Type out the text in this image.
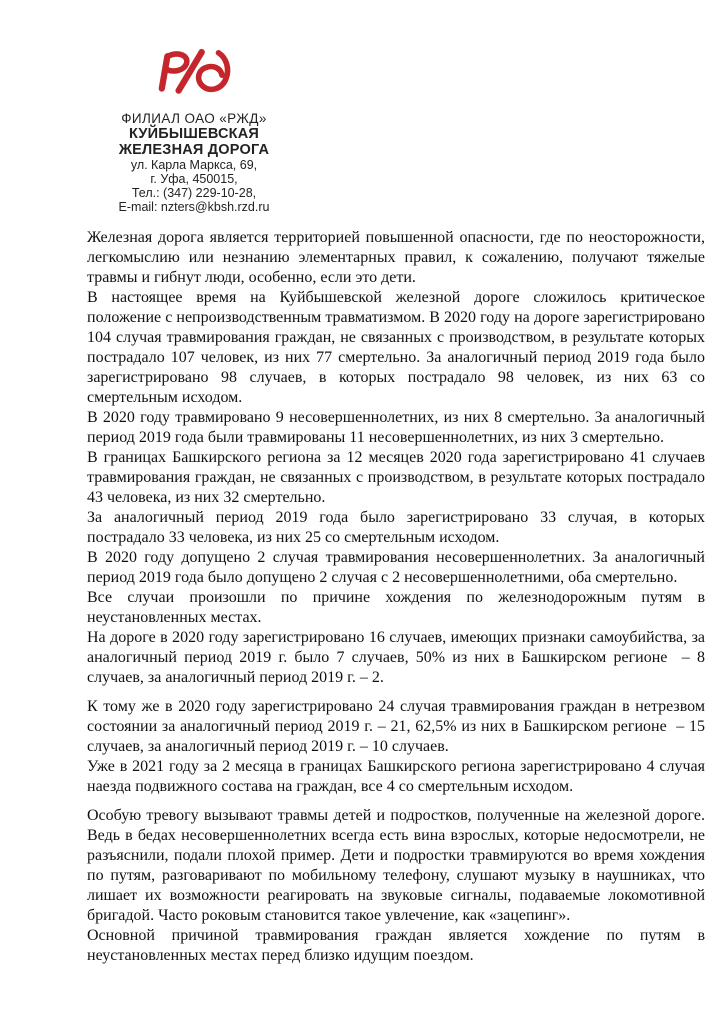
ФИЛИАЛ ОАО «РЖД»
КУЙБЫШЕВСКАЯ
ЖЕЛЕЗНАЯ ДОРОГА
ул. Карла Маркса, 69,
г. Уфа, 450015,
Тел.: (347) 229-10-28,
E-mail: nzters@kbsh.rzd.ru

Железная дорога является территорией повышенной опасности, где по неосторожности, легкомыслию или незнанию элементарных правил, к сожалению, получают тяжелые травмы и гибнут люди, особенно, если это дети.

В настоящее время на Куйбышевской железной дороге сложилось критическое положение с непроизводственным травматизмом. В 2020 году на дороге зарегистрировано 104 случая травмирования граждан, не связанных с производством, в результате которых пострадало 107 человек, из них 77 смертельно. За аналогичный период 2019 года было зарегистрировано 98 случаев, в которых пострадало 98 человек, из них 63 со смертельным исходом.

В 2020 году травмировано 9 несовершеннолетних, из них 8 смертельно. За аналогичный период 2019 года были травмированы 11 несовершеннолетних, из них 3 смертельно.

В границах Башкирского региона за 12 месяцев 2020 года зарегистрировано 41 случаев травмирования граждан, не связанных с производством, в результате которых пострадало 43 человека, из них 32 смертельно.

За аналогичный период 2019 года было зарегистрировано 33 случая, в которых пострадало 33 человека, из них 25 со смертельным исходом.

В 2020 году допущено 2 случая травмирования несовершеннолетних. За аналогичный период 2019 года было допущено 2 случая с 2 несовершеннолетними, оба смертельно.

Все случаи произошли по причине хождения по железнодорожным путям в неустановленных местах.

На дороге в 2020 году зарегистрировано 16 случаев, имеющих признаки самоубийства, за аналогичный период 2019 г. было 7 случаев, 50% из них в Башкирском регионе  – 8 случаев, за аналогичный период 2019 г. – 2.

К тому же в 2020 году зарегистрировано 24 случая травмирования граждан в нетрезвом состоянии за аналогичный период 2019 г. – 21, 62,5% из них в Башкирском регионе  – 15 случаев, за аналогичный период 2019 г. – 10 случаев.

Уже в 2021 году за 2 месяца в границах Башкирского региона зарегистрировано 4 случая наезда подвижного состава на граждан, все 4 со смертельным исходом.

Особую тревогу вызывают травмы детей и подростков, полученные на железной дороге. Ведь в бедах несовершеннолетних всегда есть вина взрослых, которые недосмотрели, не разъяснили, подали плохой пример. Дети и подростки травмируются во время хождения по путям, разговаривают по мобильному телефону, слушают музыку в наушниках, что лишает их возможности реагировать на звуковые сигналы, подаваемые локомотивной бригадой. Часто роковым становится такое увлечение, как «зацепинг».

Основной причиной травмирования граждан является хождение по путям в неустановленных местах перед близко идущим поездом.
